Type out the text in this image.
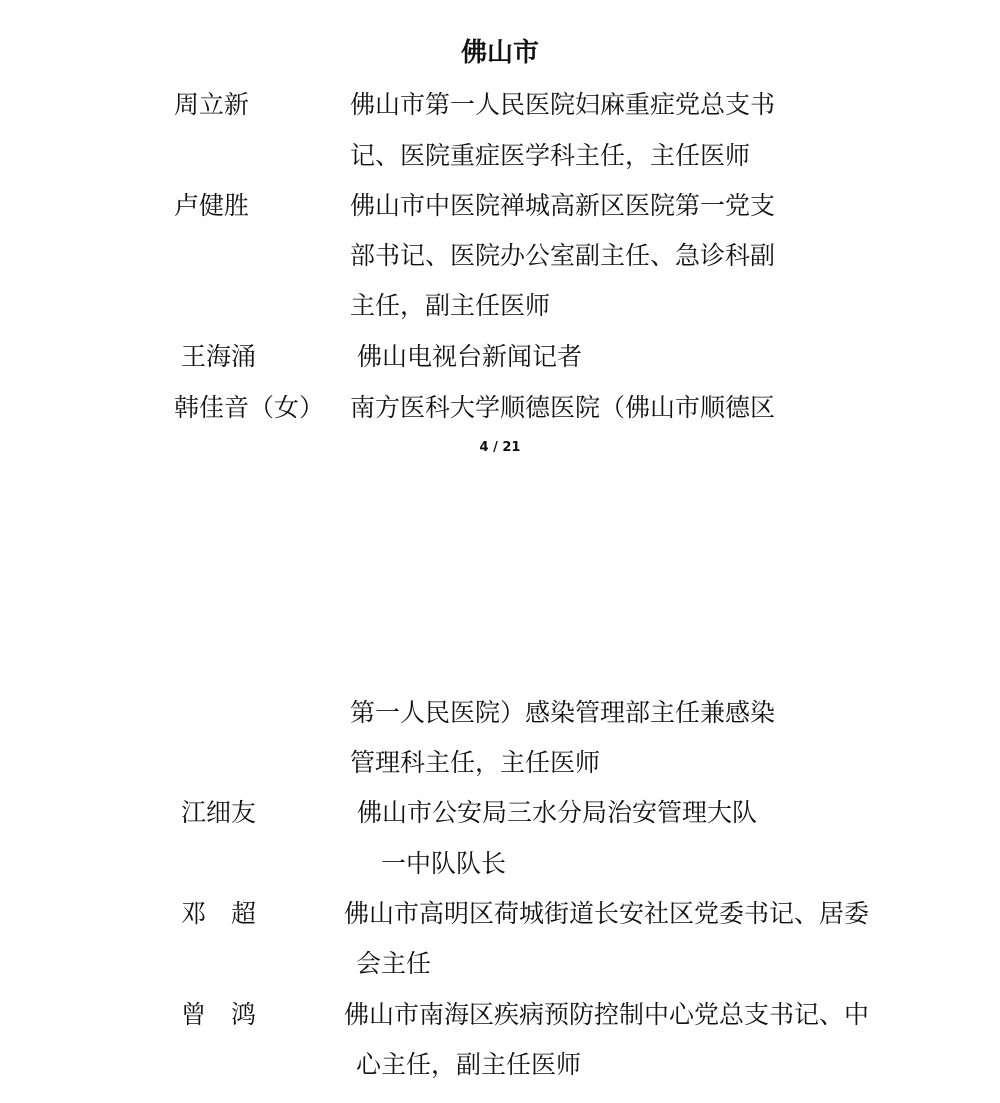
佛山市
周立新	佛山市第一人民医院妇麻重症党总支书
记、医院重症医学科主任，主任医师
卢健胜	佛山市中医院禅城高新区医院第一党支
部书记、医院办公室副主任、急诊科副
主任，副主任医师
王海涌	佛山电视台新闻记者
韩佳音（女） 南方医科大学顺德医院（佛山市顺德区
4 / 21
第一人民医院）感染管理部主任兼感染
管理科主任，主任医师
江细友	佛山市公安局三水分局治安管理大队
一中队队长
邓　超	佛山市高明区荷城街道长安社区党委书记、居委
会主任
曾　鸿	佛山市南海区疾病预防控制中心党总支书记、中
心主任，副主任医师
